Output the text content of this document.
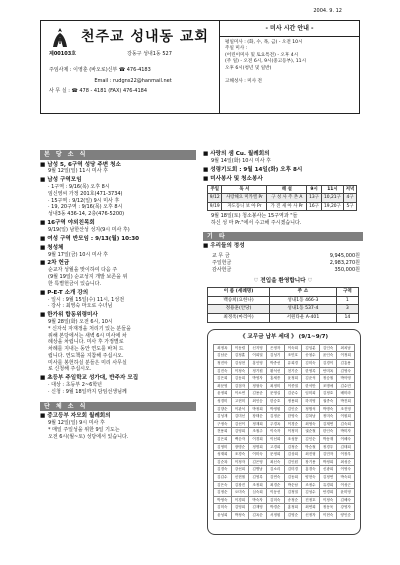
2004. 9. 12
제00103호
천주교 성내동 교회
강동구 성내1동 527
주임사제 : 이영훈 (바오로)신부 ☎ 476-4183
Email : rudgns22@hanmail.net
사 무 실 : ☎ 478 - 4181 (FAX) 476-4184
- 미사 시간 안내 -
평일미사 : (화, 수, 목, 금) - 오전 10시
주일 미사 :
(어린이미사 및 토요특전) - 오후 4시
(주 일) - 오전 6시, 9시(중고등부), 11시
오후 6시(청년 및 일반)

고해성사 : 미사 전
본 당 소 식
■ 남성 5, 6구역 성당 주변 청소
9월 12일(일) 11시 미사 후
■ 남성 구역모임
· 1구역 : 9/16(목) 오후 8시
임신영씨 가정 201호(471-3734)
· 15구역 : 9/12(일) 9시 미사 후
· 19, 20구역 : 9/16(목) 오후 8시
성내3동 436-14, 2층(476-5200)
■ 16구역 야외친목회
9/19(일) 남한산성 성지(9시 미사 후)
■ 여성 구역 반모임 : 9/13(월) 10:30
■ 청성체
9월 17일(금) 10시 미사 후
■ 2차 헌금
순교자 성월을 맞이하여 다음 주
(9월 19일) 순교성지 개발 보존을 위
한 특별헌금이 있습니다.
■ P-E-T 소개 강의
· 일시 : 9월 15일(수) 11시, 1성전
· 강사 : 최영숙 마오로 수녀님
■ 한가위 합동위령미사
9월 28일(화) 오전 6시, 10시
* 신자석 자재정을 처리기 있는 분들을
위해 본당에서는 새벽 6시 미사에 차
례상을 차립니다. 미사 후 가정별로
차례를 지내는 동안 연도를 바쳐 드
립니다. 연도책을 지참해 주십시오.
미사를 봉헌하실 분들은 미리 사무실
로 신청해 주십시오.
■ 초등부 주일학교 성가대, 반주자 모집
· 대상 : 초등부 2~6학년
· 신청 : 9월 18일까지 담임선생님께
단 체 소 식
■ 중고등부 자모회 월례회의
9월 12일(일) 9시 미사 후
* 매일 주일성을 위한 9일 기도는
오전 6시(월~토) 성당에서 있습니다.
■ 사랑의 샘 Cu. 월례회의
9월 14일(화) 10시 미사 후
■ 성령기도회 : 9월 14일(화) 오후 8시
■ 미사봉사 및 청소봉사
주일	독 서	해 설	9시	11시	저녁
9/12	사랑해요 미카엘 Pr	구 성 사 주 촌 A	13구	10,21구	4구
9/19	자도동니 보 아 Pr	가 진 새 아 사 Pr	16구	19,20구	5구
9월 18일(토) 청소봉사는 15구역과 "들
하신 성 마 Pr."에서 수고해 주시겠습니다.
기 타
■ 우리들의 정성
교 무 금	9,945,000원
주일헌금	2,983,270원
감사헌금	350,000원
♡ 전입을 환영합니다 ♡
이 름 (세례명)	주 소	구역
백승희(요한나)	성내1동 466-3	1
정용훈(안당)	성내1동 537-4	3
최정옥(마리아)	서원타운 A-401	14
《 교무금 납부 세대 》 (9/1~9/7)
최정옥	이동렬	신지영	은정자	이숙희	김임분	김인숙	최치남
김남준	김정훈	이희열	김성기	조민호	송청수	윤인숙	이정희
정진아	김성현	홍인영	박종선	유희경	김미숙	김경이	김흥용
김진숙	이정숙	정기원	황석선	천기순	한영록	안미옥	김영숙
김은희	김동희	박영자	홍세종	윤정희	김준석	정승철	박아영
최문영	김점자	정형숙	최정미	이종열	한석만	조명애	김수민
윤정희	이소연	김용준	문영실	김준수	임미희	김정호	배미라
성경미	고현미	최인승	한승호	정용희	하지영	권종숙	박진희
김향순	이관석	박정희	박정원	김인순	정범석	박명숙	조진영
김성재	김미선	장태순	김정준	한영숙	김복남	정미숙	이원희
구정숙	김선이	정재희	주경옥	이경순	최영숙	김재연	김숙희
전용희	김영희	조철주	이숙자	이정미	권순철	한인숙	박미자
김은희	백순자	이경희	이선희	조성봉	김인순	박동재	이혜숙
김영미	장명순	정명희	고경희	김정순	박승철	정경우	김태희
성재희	조경숙	이미숙	문정희	김상희	최진형	김민자	이장우
김순복	이정자	김은영	최신숙	김인원	장기용	박정희	최성순
김경숙	강선희	김병남	김소리	김미경	홍경숙	신광희	이영숙
김갑수	신현철	김영록	김연숙	김동희	양현숙	김정연	박숙희
김은숙	김창진	조정희	최경순	박순남	조정수	유경희	이성근
김정순	오미숙	심숙희	이동선	김정열	김성수	안경희	윤미영
박영숙	이경희	박숙자	김미숙	송정순	진정호	이정숙	김혜숙
김미숙	김영희	김재영	박경순	홍정희	최연희	정동욱	강영자
윤성희	박정숙	김옥순	서정원	김영순	신정자	이현숙	양인순
